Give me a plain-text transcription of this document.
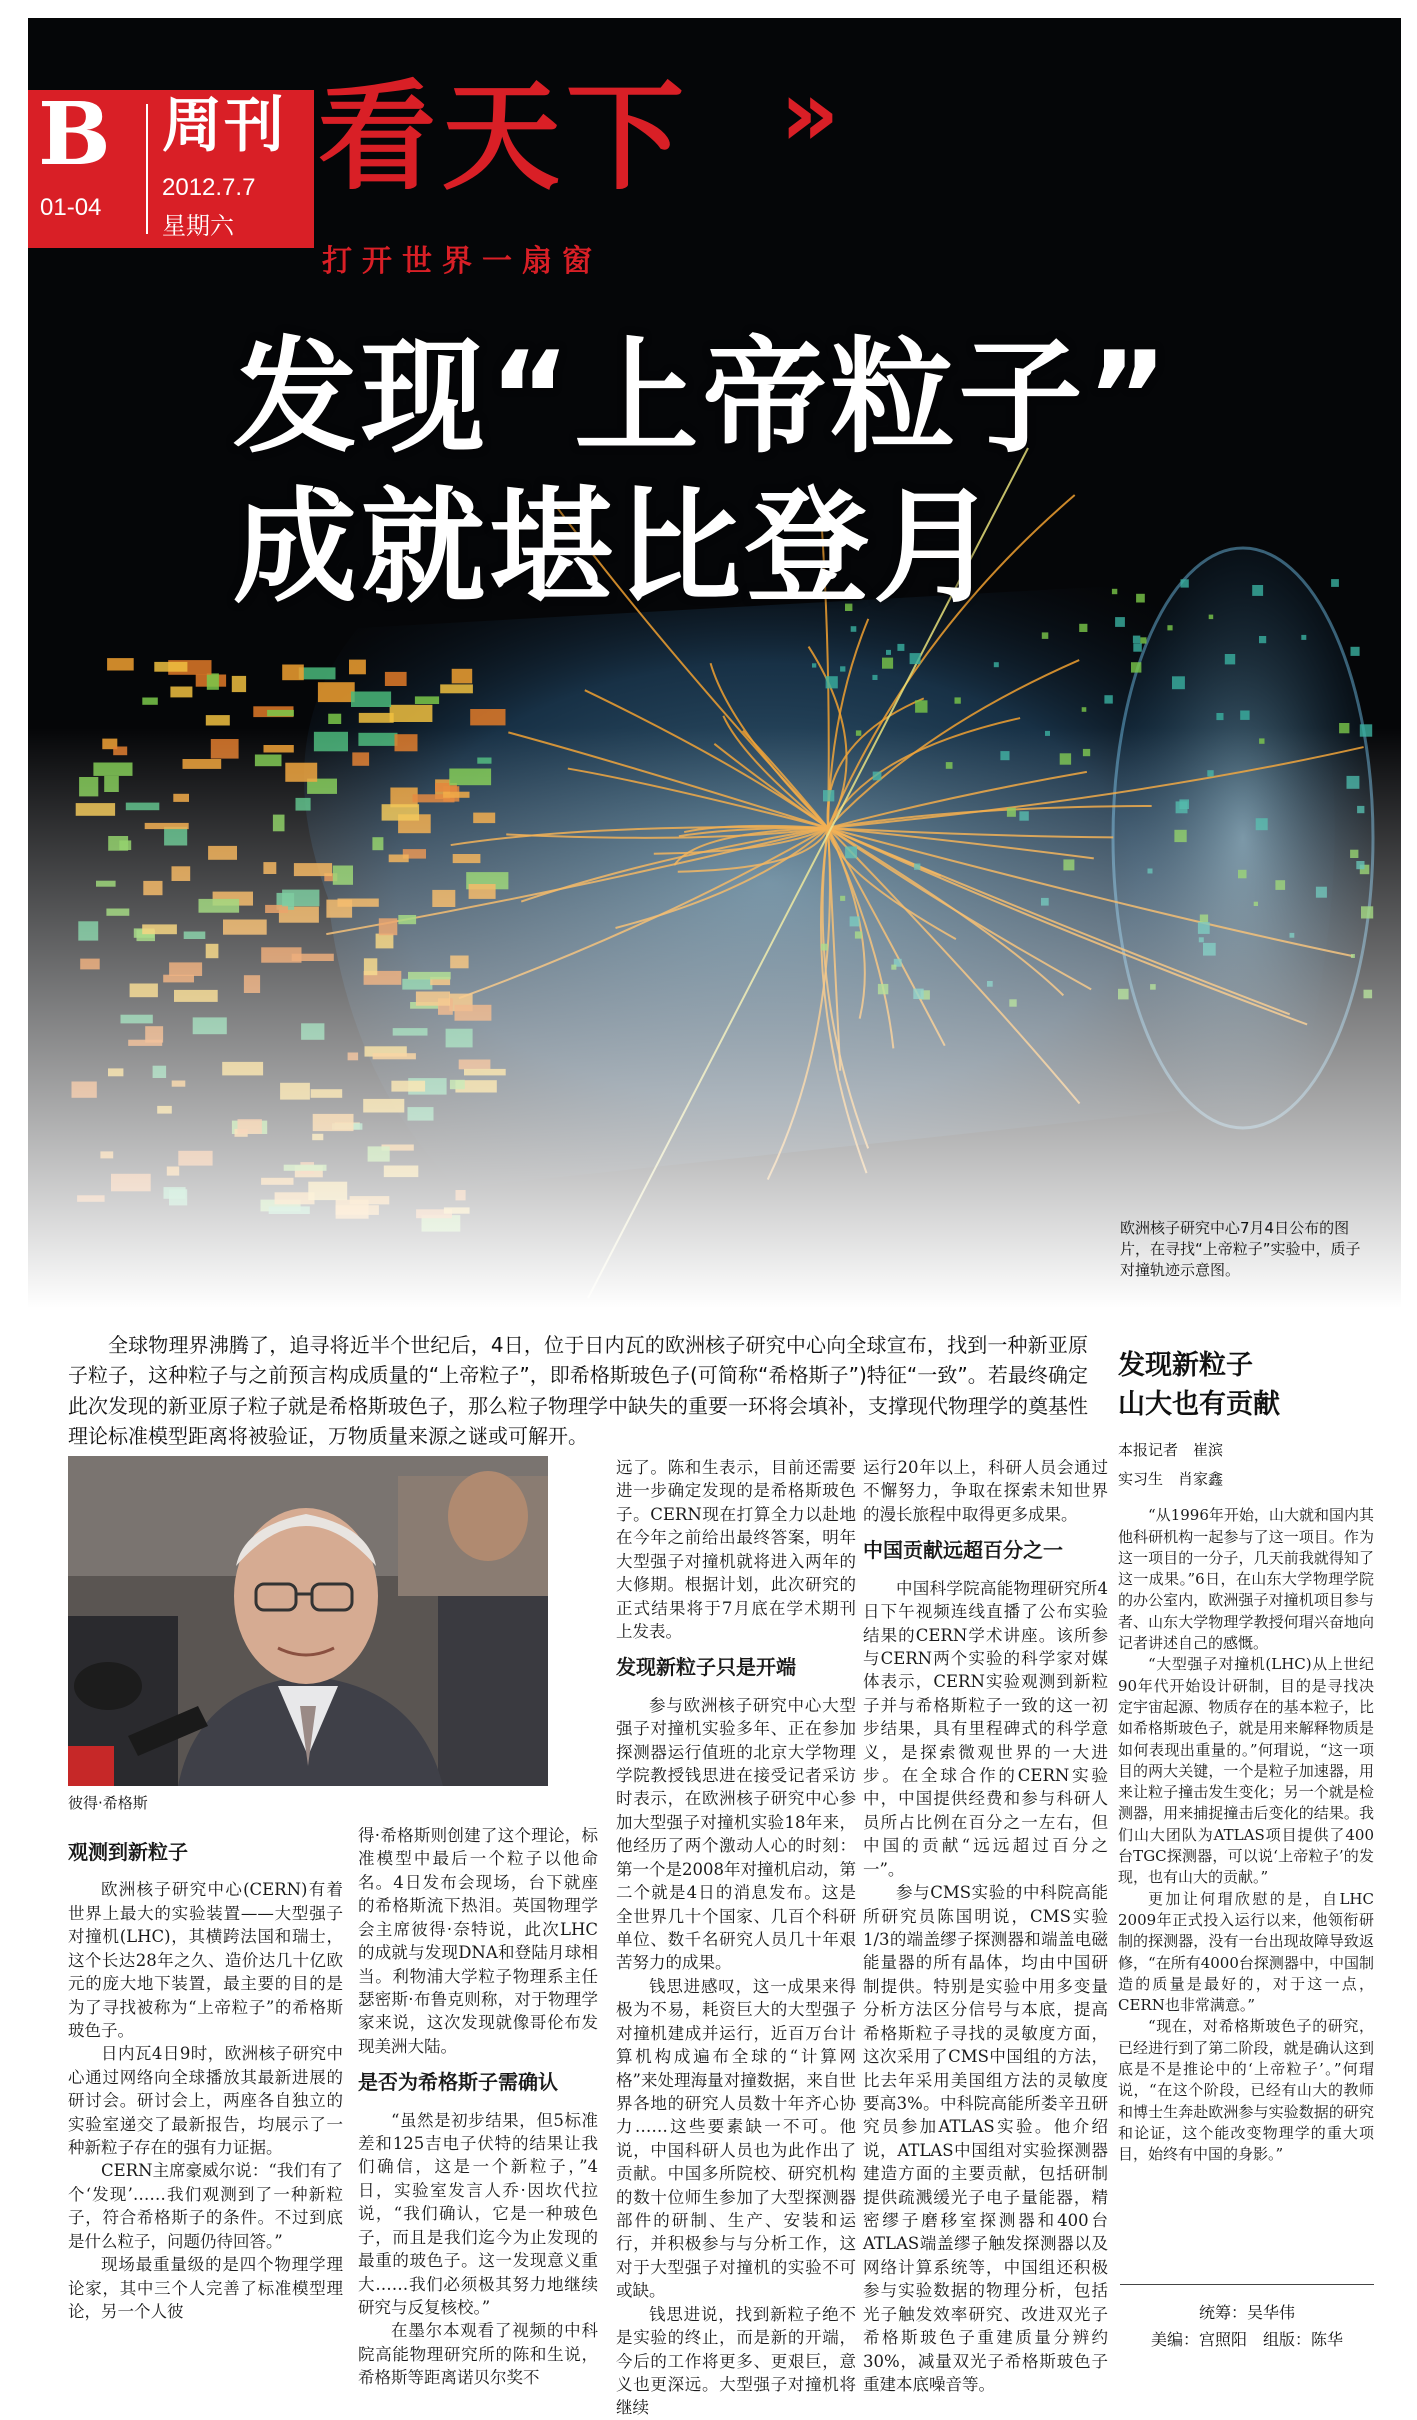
B
01-04
周刊
2012.7.7
星期六
看天下 »
打开世界一扇窗
发现“上帝粒子”
成就堪比登月
欧洲核子研究中心7月4日公布的图片，在寻找“上帝粒子”实验中，质子对撞轨迹示意图。
全球物理界沸腾了，追寻将近半个世纪后，4日，位于日内瓦的欧洲核子研究中心向全球宣布，找到一种新亚原子粒子，这种粒子与之前预言构成质量的“上帝粒子”，即希格斯玻色子(可简称“希格斯子”)特征“一致”。若最终确定此次发现的新亚原子粒子就是希格斯玻色子，那么粒子物理学中缺失的重要一环将会填补，支撑现代物理学的奠基性理论标准模型距离将被验证，万物质量来源之谜或可解开。
彼得·希格斯
观测到新粒子

欧洲核子研究中心(CERN)有着世界上最大的实验装置——大型强子对撞机(LHC)，其横跨法国和瑞士，这个长达28年之久、造价达几十亿欧元的庞大地下装置，最主要的目的是为了寻找被称为“上帝粒子”的希格斯玻色子。

日内瓦4日9时，欧洲核子研究中心通过网络向全球播放其最新进展的研讨会。研讨会上，两座各自独立的实验室递交了最新报告，均展示了一种新粒子存在的强有力证据。

CERN主席豪威尔说：“我们有了个‘发现’……我们观测到了一种新粒子，符合希格斯子的条件。不过到底是什么粒子，问题仍待回答。”

现场最重量级的是四个物理学理论家，其中三个人完善了标准模型理论，另一个人彼

得·希格斯则创建了这个理论，标准模型中最后一个粒子以他命名。4日发布会现场，台下就座的希格斯流下热泪。英国物理学会主席彼得·奈特说，此次LHC的成就与发现DNA和登陆月球相当。利物浦大学粒子物理系主任瑟密斯·布鲁克则称，对于物理学家来说，这次发现就像哥伦布发现美洲大陆。

是否为希格斯子需确认

“虽然是初步结果，但5标准差和125吉电子伏特的结果让我们确信，这是一个新粒子，”4日，实验室发言人乔·因坎代拉说，“我们确认，它是一种玻色子，而且是我们迄今为止发现的最重的玻色子。这一发现意义重大……我们必须极其努力地继续研究与反复核校。”

在墨尔本观看了视频的中科院高能物理研究所的陈和生说，希格斯等距离诺贝尔奖不

远了。陈和生表示，目前还需要进一步确定发现的是希格斯玻色子。CERN现在打算全力以赴地在今年之前给出最终答案，明年大型强子对撞机就将进入两年的大修期。根据计划，此次研究的正式结果将于7月底在学术期刊上发表。

发现新粒子只是开端

参与欧洲核子研究中心大型强子对撞机实验多年、正在参加探测器运行值班的北京大学物理学院教授钱思进在接受记者采访时表示，在欧洲核子研究中心参加大型强子对撞机实验18年来，他经历了两个激动人心的时刻：第一个是2008年对撞机启动，第二个就是4日的消息发布。这是全世界几十个国家、几百个科研单位、数千名研究人员几十年艰苦努力的成果。

钱思进感叹，这一成果来得极为不易，耗资巨大的大型强子对撞机建成并运行，近百万台计算机构成遍布全球的“计算网格”来处理海量对撞数据，来自世界各地的研究人员数十年齐心协力……这些要素缺一不可。他说，中国科研人员也为此作出了贡献。中国多所院校、研究机构的数十位师生参加了大型探测器部件的研制、生产、安装和运行，并积极参与与分析工作，这对于大型强子对撞机的实验不可或缺。

钱思进说，找到新粒子绝不是实验的终止，而是新的开端，今后的工作将更多、更艰巨，意义也更深远。大型强子对撞机将继续

运行20年以上，科研人员会通过不懈努力，争取在探索未知世界的漫长旅程中取得更多成果。

中国贡献远超百分之一

中国科学院高能物理研究所4日下午视频连线直播了公布实验结果的CERN学术讲座。该所参与CERN两个实验的科学家对媒体表示，CERN实验观测到新粒子并与希格斯粒子一致的这一初步结果，具有里程碑式的科学意义，是探索微观世界的一大进步。在全球合作的CERN实验中，中国提供经费和参与科研人员所占比例在百分之一左右，但中国的贡献“远远超过百分之一”。

参与CMS实验的中科院高能所研究员陈国明说，CMS实验1/3的端盖缪子探测器和端盖电磁能量器的所有晶体，均由中国研制提供。特别是实验中用多变量分析方法区分信号与本底，提高希格斯粒子寻找的灵敏度方面，这次采用了CMS中国组的方法，比去年采用美国组方法的灵敏度要高3%。中科院高能所娄辛丑研究员参加ATLAS实验。他介绍说，ATLAS中国组对实验探测器建造方面的主要贡献，包括研制提供疏溅缓光子电子量能器，精密缪子磨移室探测器和400台ATLAS端盖缪子触发探测器以及网络计算系统等，中国组还积极参与实验数据的物理分析，包括光子触发效率研究、改进双光子希格斯玻色子重建质量分辨约30%，减量双光子希格斯玻色子重建本底噪音等。

发现新粒子
山大也有贡献
本报记者　崔滨
实习生　肖家鑫

“从1996年开始，山大就和国内其他科研机构一起参与了这一项目。作为这一项目的一分子，几天前我就得知了这一成果。”6日，在山东大学物理学院的办公室内，欧洲强子对撞机项目参与者、山东大学物理学教授何瑁兴奋地向记者讲述自己的感慨。

“大型强子对撞机(LHC)从上世纪90年代开始设计研制，目的是寻找决定宇宙起源、物质存在的基本粒子，比如希格斯玻色子，就是用来解释物质是如何表现出重量的。”何瑁说，“这一项目的两大关键，一个是粒子加速器，用来让粒子撞击发生变化；另一个就是检测器，用来捕捉撞击后变化的结果。我们山大团队为ATLAS项目提供了400台TGC探测器，可以说‘上帝粒子’的发现，也有山大的贡献。”

更加让何瑁欣慰的是，自LHC 2009年正式投入运行以来，他领衔研制的探测器，没有一台出现故障导致返修，“在所有4000台探测器中，中国制造的质量是最好的，对于这一点，CERN也非常满意。”

“现在，对希格斯玻色子的研究，已经进行到了第二阶段，就是确认这到底是不是推论中的‘上帝粒子’。”何瑁说，“在这个阶段，已经有山大的教师和博士生奔赴欧洲参与实验数据的研究和论证，这个能改变物理学的重大项目，始终有中国的身影。”

统筹：吴华伟
美编：宫照阳　组版：陈华
